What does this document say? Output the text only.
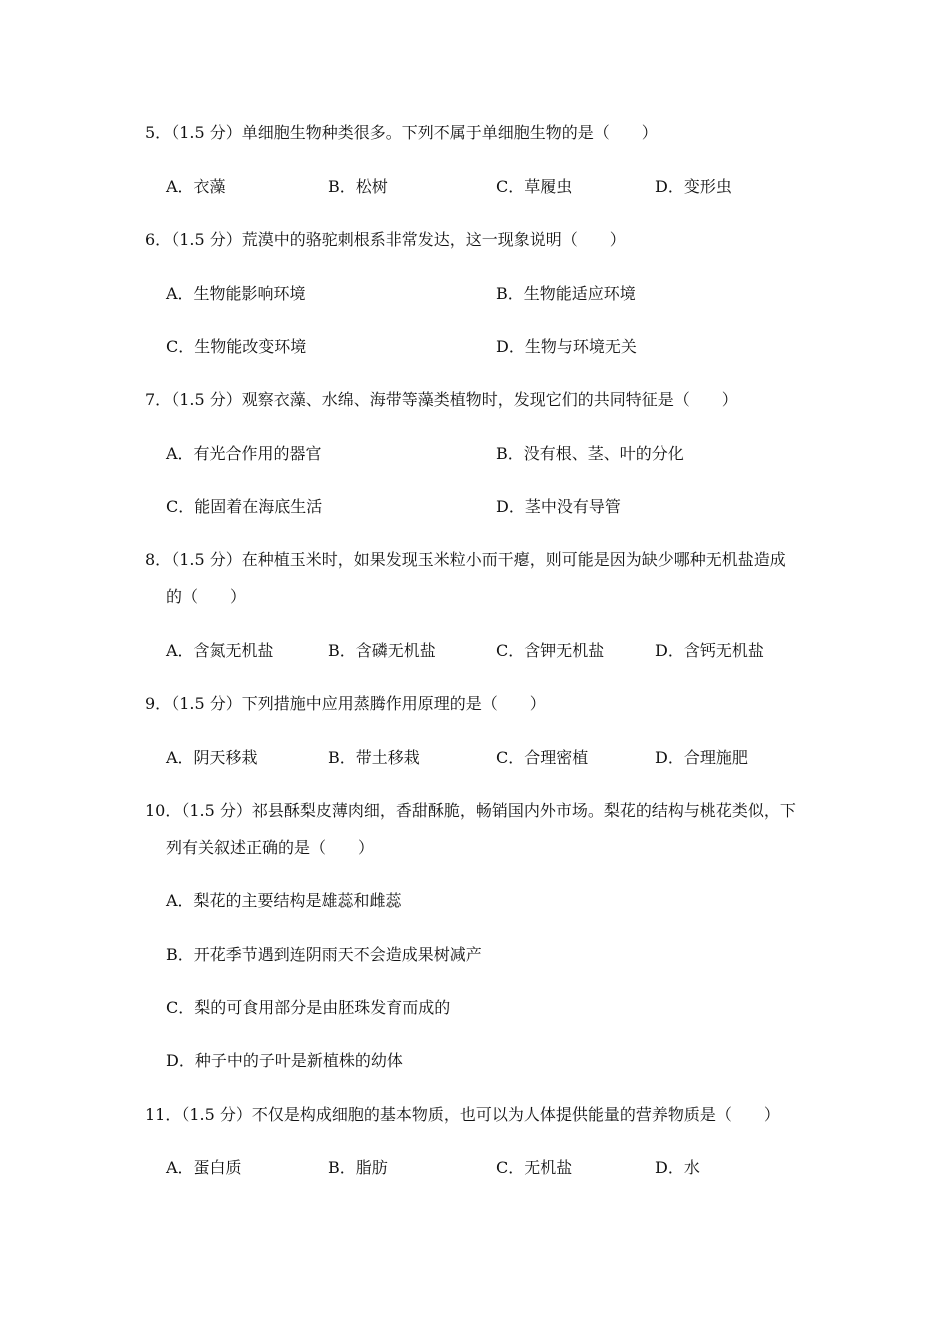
5．（1.5 分）单细胞生物种类很多。下列不属于单细胞生物的是（　　）
A．衣藻	B．松树	C．草履虫	D．变形虫
6．（1.5 分）荒漠中的骆驼刺根系非常发达，这一现象说明（　　）
A．生物能影响环境	B．生物能适应环境
C．生物能改变环境	D．生物与环境无关
7．（1.5 分）观察衣藻、水绵、海带等藻类植物时，发现它们的共同特征是（　　）
A．有光合作用的器官	B．没有根、茎、叶的分化
C．能固着在海底生活	D．茎中没有导管
8．（1.5 分）在种植玉米时，如果发现玉米粒小而干瘪，则可能是因为缺少哪种无机盐造成
的（　　）
A．含氮无机盐	B．含磷无机盐	C．含钾无机盐	D．含钙无机盐
9．（1.5 分）下列措施中应用蒸腾作用原理的是（　　）
A．阴天移栽	B．带土移栽	C．合理密植	D．合理施肥
10．（1.5 分）祁县酥梨皮薄肉细，香甜酥脆，畅销国内外市场。梨花的结构与桃花类似，下
列有关叙述正确的是（　　）
A．梨花的主要结构是雄蕊和雌蕊
B．开花季节遇到连阴雨天不会造成果树减产
C．梨的可食用部分是由胚珠发育而成的
D．种子中的子叶是新植株的幼体
11．（1.5 分）不仅是构成细胞的基本物质，也可以为人体提供能量的营养物质是（　　）
A．蛋白质	B．脂肪	C．无机盐	D．水
